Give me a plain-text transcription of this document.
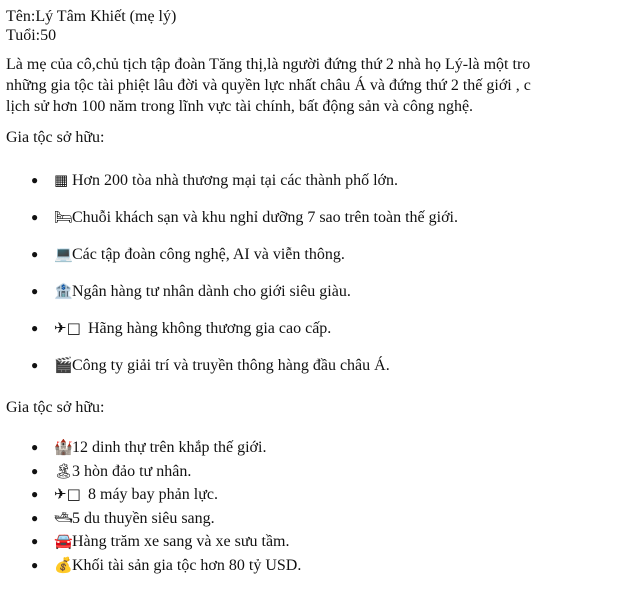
Tên:Lý Tâm Khiết (mẹ lý)

Tuổi:50

Là mẹ của cô,chủ tịch tập đoàn Tăng thị,là người đứng thứ 2 nhà họ Lý-là một tro
những gia tộc tài phiệt lâu đời và quyền lực nhất châu Á và đứng thứ 2 thế giới , c
lịch sử hơn 100 năm trong lĩnh vực tài chính, bất động sản và công nghệ.

Gia tộc sở hữu:

● ▦ Hơn 200 tòa nhà thương mại tại các thành phố lớn.
● 🛏Chuỗi khách sạn và khu nghỉ dưỡng 7 sao trên toàn thế giới.
● 💻Các tập đoàn công nghệ, AI và viễn thông.
● 🏦Ngân hàng tư nhân dành cho giới siêu giàu.
● ✈□ Hãng hàng không thương gia cao cấp.
● 🎬Công ty giải trí và truyền thông hàng đầu châu Á.

Gia tộc sở hữu:

● 🏰12 dinh thự trên khắp thế giới.
● 🏝3 hòn đảo tư nhân.
● ✈□ 8 máy bay phản lực.
● 🛥5 du thuyền siêu sang.
● 🚘Hàng trăm xe sang và xe sưu tầm.
● 💰Khối tài sản gia tộc hơn 80 tỷ USD.
